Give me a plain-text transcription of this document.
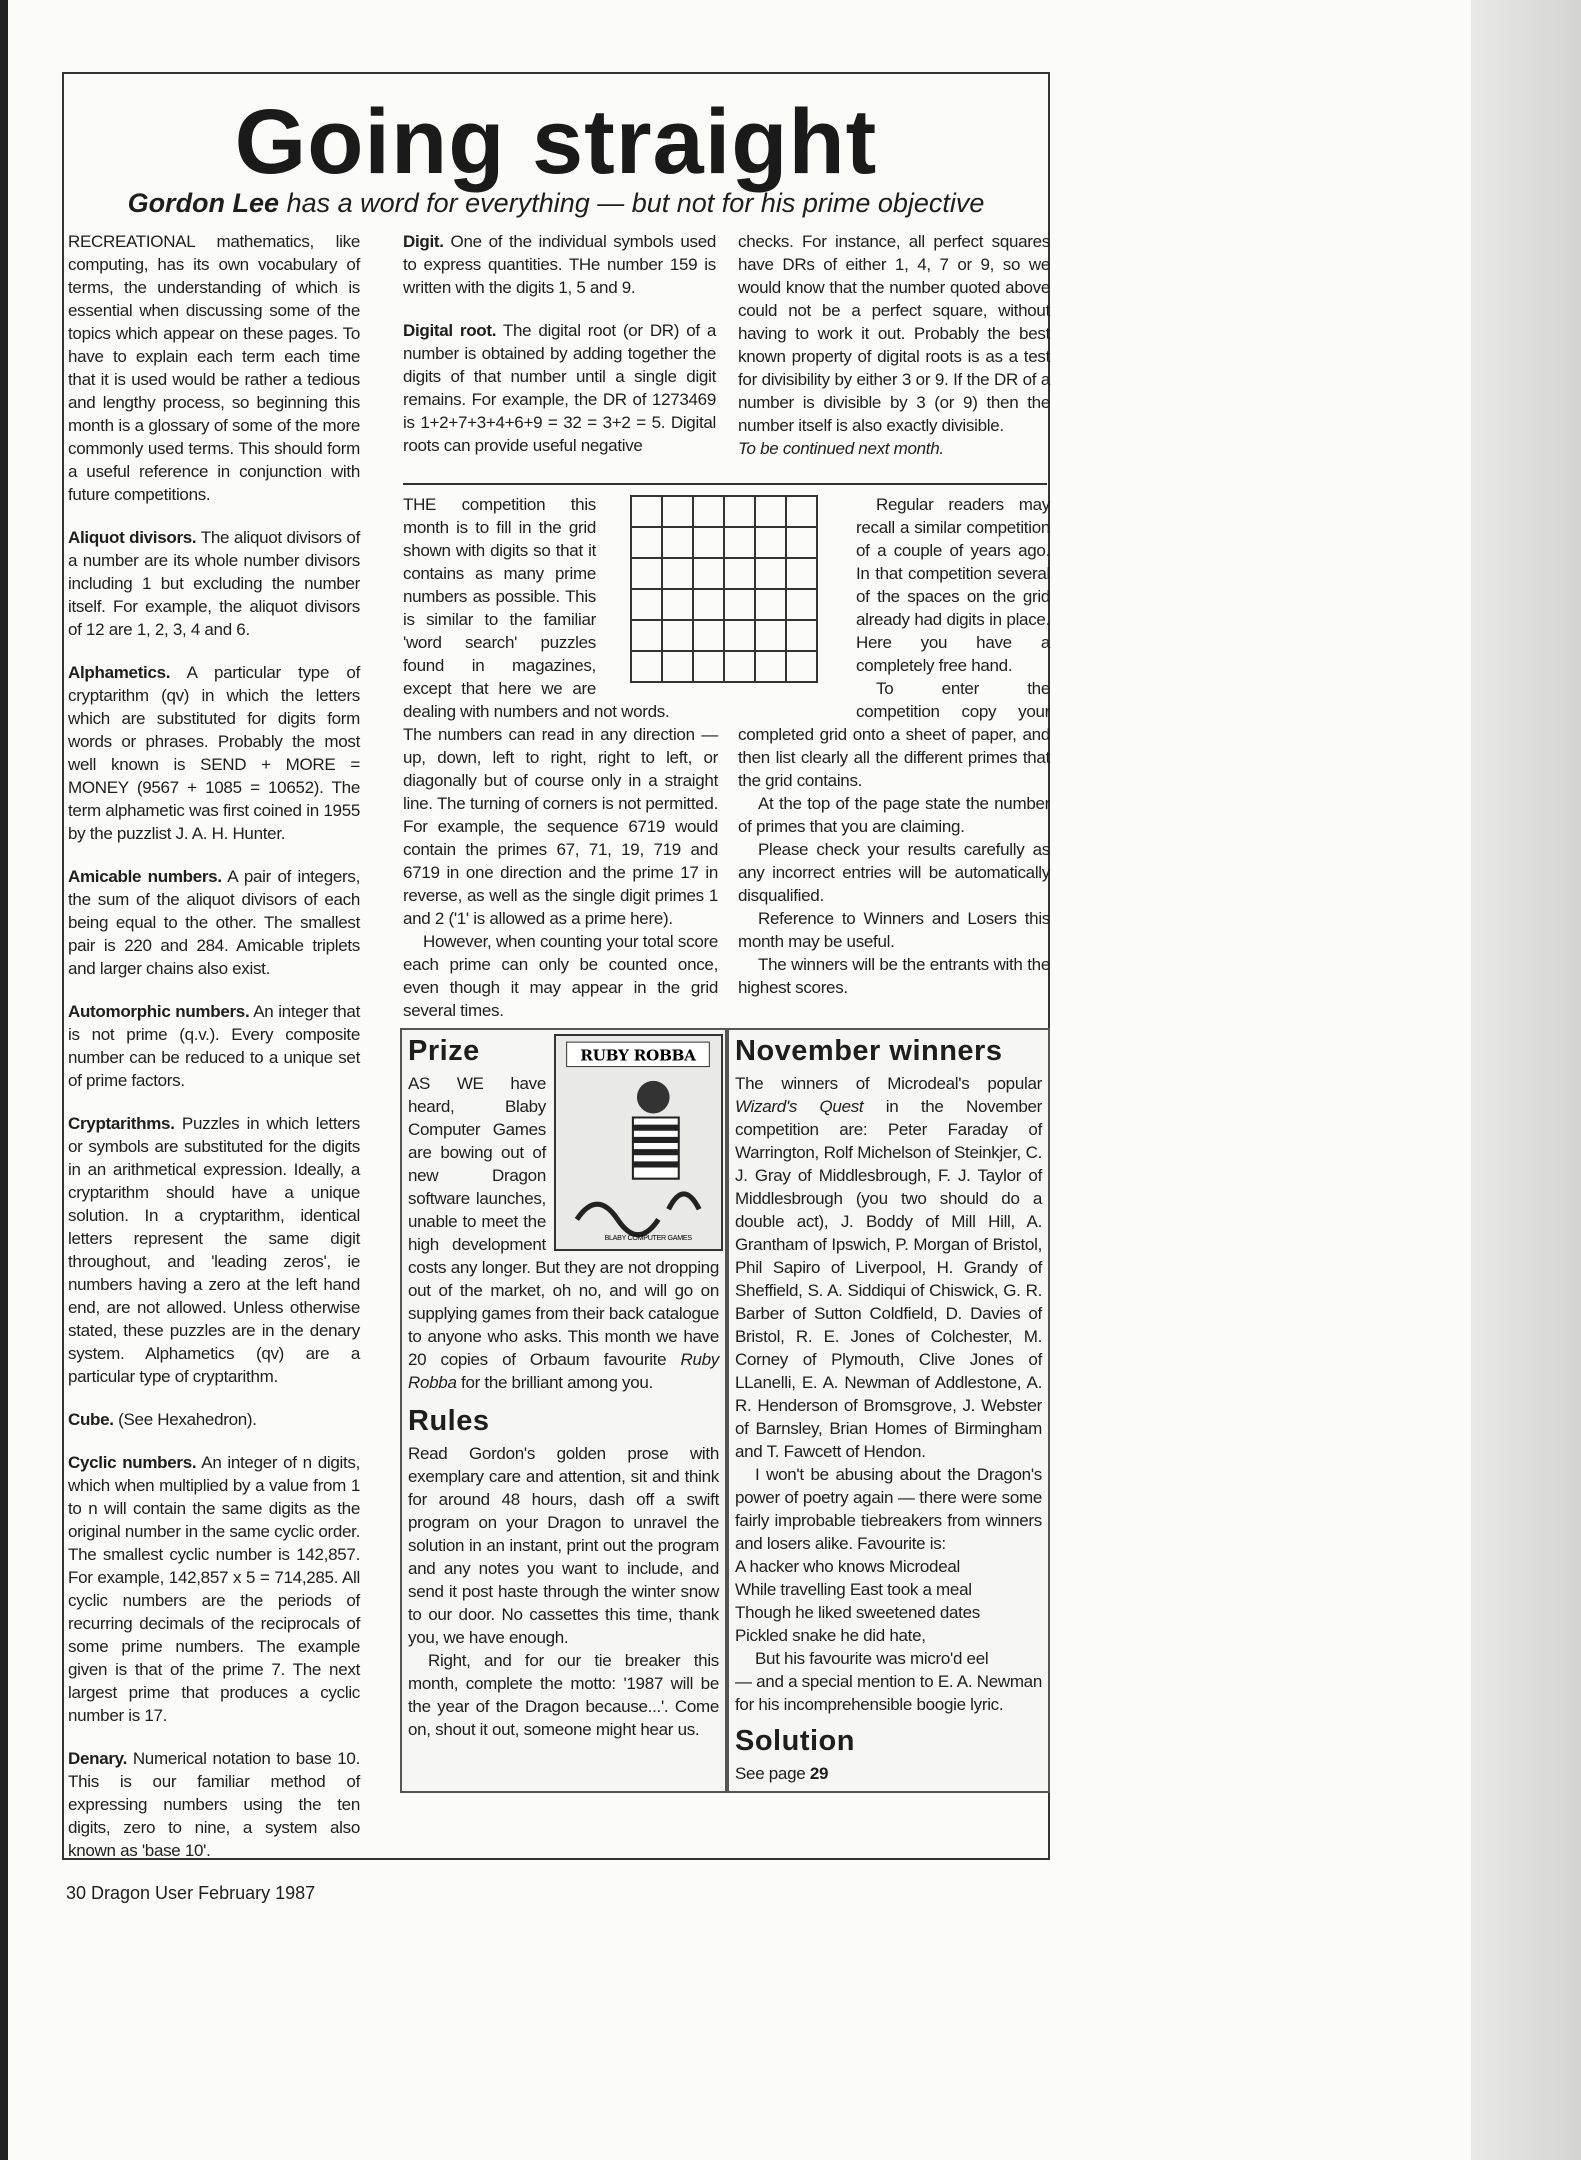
Going straight
Gordon Lee has a word for everything — but not for his prime objective

RECREATIONAL mathematics, like computing, has its own vocabulary of terms, the understanding of which is essential when discussing some of the topics which appear on these pages. To have to explain each term each time that it is used would be rather a tedious and lengthy process, so beginning this month is a glossary of some of the more commonly used terms. This should form a useful reference in conjunction with future competitions.

Aliquot divisors. The aliquot divisors of a number are its whole number divisors including 1 but excluding the number itself. For example, the aliquot divisors of 12 are 1, 2, 3, 4 and 6.

Alphametics. A particular type of cryptarithm (qv) in which the letters which are substituted for digits form words or phrases. Probably the most well known is SEND + MORE = MONEY (9567 + 1085 = 10652). The term alphametic was first coined in 1955 by the puzzlist J. A. H. Hunter.

Amicable numbers. A pair of integers, the sum of the aliquot divisors of each being equal to the other. The smallest pair is 220 and 284. Amicable triplets and larger chains also exist.

Automorphic numbers. An integer that is not prime (q.v.). Every composite number can be reduced to a unique set of prime factors.

Cryptarithms. Puzzles in which letters or symbols are substituted for the digits in an arithmetical expression. Ideally, a cryptarithm should have a unique solution. In a cryptarithm, identical letters represent the same digit throughout, and 'leading zeros', ie numbers having a zero at the left hand end, are not allowed. Unless otherwise stated, these puzzles are in the denary system. Alphametics (qv) are a particular type of cryptarithm.

Cube. (See Hexahedron).

Cyclic numbers. An integer of n digits, which when multiplied by a value from 1 to n will contain the same digits as the original number in the same cyclic order. The smallest cyclic number is 142,857. For example, 142,857 x 5 = 714,285. All cyclic numbers are the periods of recurring decimals of the reciprocals of some prime numbers. The example given is that of the prime 7. The next largest prime that produces a cyclic number is 17.

Denary. Numerical notation to base 10. This is our familiar method of expressing numbers using the ten digits, zero to nine, a system also known as 'base 10'.

Digit. One of the individual symbols used to express quantities. THe number 159 is written with the digits 1, 5 and 9.

Digital root. The digital root (or DR) of a number is obtained by adding together the digits of that number until a single digit remains. For example, the DR of 1273469 is 1+2+7+3+4+6+9 = 32 = 3+2 = 5. Digital roots can provide useful negative

checks. For instance, all perfect squares have DRs of either 1, 4, 7 or 9, so we would know that the number quoted above could not be a perfect square, without having to work it out. Probably the best known property of digital roots is as a test for divisibility by either 3 or 9. If the DR of a number is divisible by 3 (or 9) then the number itself is also exactly divisible.

To be continued next month.

THE competition this month is to fill in the grid shown with digits so that it contains as many prime numbers as possible. This is similar to the familiar 'word search' puzzles found in magazines, except that here we are dealing with numbers and not words.

The numbers can read in any direction — up, down, left to right, right to left, or diagonally but of course only in a straight line. The turning of corners is not permitted. For example, the sequence 6719 would contain the primes 67, 71, 19, 719 and 6719 in one direction and the prime 17 in reverse, as well as the single digit primes 1 and 2 ('1' is allowed as a prime here).

However, when counting your total score each prime can only be counted once, even though it may appear in the grid several times.

Regular readers may recall a similar competition of a couple of years ago. In that competition several of the spaces on the grid already had digits in place. Here you have a completely free hand.

To enter the competition copy your completed grid onto a sheet of paper, and then list clearly all the different primes that the grid contains.

At the top of the page state the number of primes that you are claiming.

Please check your results carefully as any incorrect entries will be automatically disqualified.

Reference to Winners and Losers this month may be useful.

The winners will be the entrants with the highest scores.

RUBY ROBBA
BLABY COMPUTER GAMES
Prize

AS WE have heard, Blaby Computer Games are bowing out of new Dragon software launches, unable to meet the high development costs any longer. But they are not dropping out of the market, oh no, and will go on supplying games from their back catalogue to anyone who asks. This month we have 20 copies of Orbaum favourite Ruby Robba for the brilliant among you.

Rules

Read Gordon's golden prose with exemplary care and attention, sit and think for around 48 hours, dash off a swift program on your Dragon to unravel the solution in an instant, print out the program and any notes you want to include, and send it post haste through the winter snow to our door. No cassettes this time, thank you, we have enough.

Right, and for our tie breaker this month, complete the motto: '1987 will be the year of the Dragon because...'. Come on, shout it out, someone might hear us.

November winners

The winners of Microdeal's popular Wizard's Quest in the November competition are: Peter Faraday of Warrington, Rolf Michelson of Steinkjer, C. J. Gray of Middlesbrough, F. J. Taylor of Middlesbrough (you two should do a double act), J. Boddy of Mill Hill, A. Grantham of Ipswich, P. Morgan of Bristol, Phil Sapiro of Liverpool, H. Grandy of Sheffield, S. A. Siddiqui of Chiswick, G. R. Barber of Sutton Coldfield, D. Davies of Bristol, R. E. Jones of Colchester, M. Corney of Plymouth, Clive Jones of LLanelli, E. A. Newman of Addlestone, A. R. Henderson of Bromsgrove, J. Webster of Barnsley, Brian Homes of Birmingham and T. Fawcett of Hendon.

I won't be abusing about the Dragon's power of poetry again — there were some fairly improbable tiebreakers from winners and losers alike. Favourite is:

A hacker who knows Microdeal
While travelling East took a meal
Though he liked sweetened dates
Pickled snake he did hate,
But his favourite was micro'd eel

— and a special mention to E. A. Newman for his incomprehensible boogie lyric.

Solution

See page 29

30 Dragon User February 1987
